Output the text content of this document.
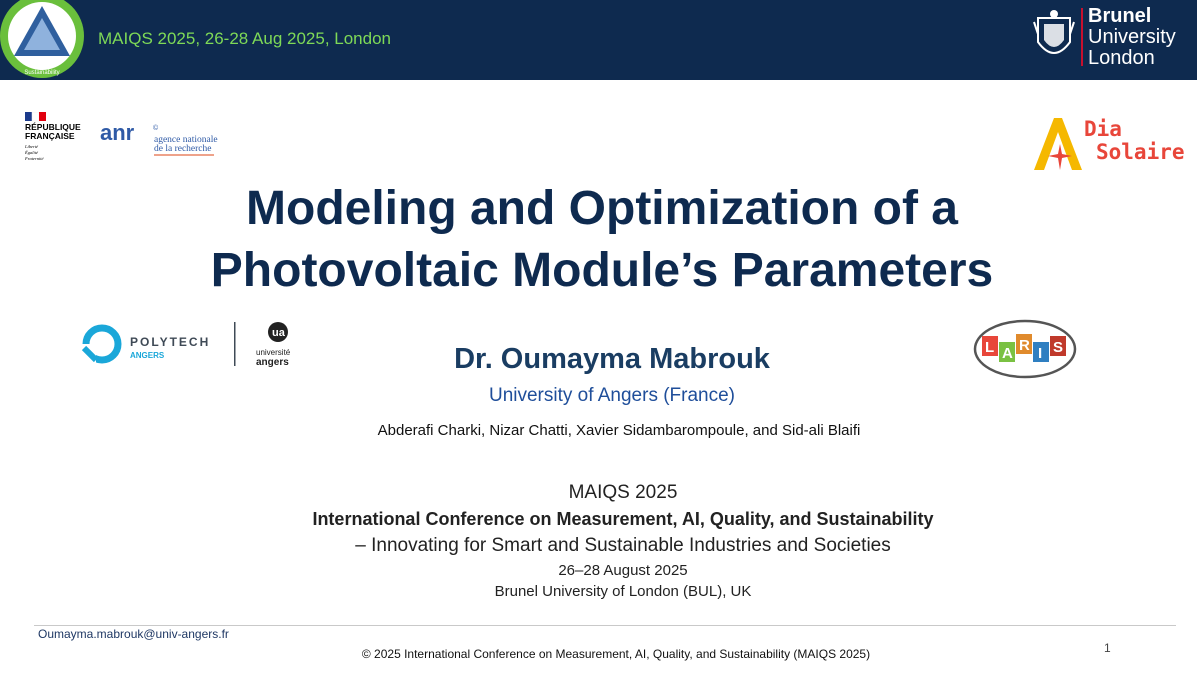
Sustainability
MAIQS 2025, 26-28 Aug 2025, London
Brunel
University
London
RÉPUBLIQUE
FRANÇAISE
Liberté
Égalité
Fraternité
anr	©
agence nationale
de la recherche
Dia
Solaire
Modeling and Optimization of a
Photovoltaic Module’s Parameters
POLYTECH
ANGERS
ua
université
angers
L A R I S
Dr. Oumayma Mabrouk
University of Angers (France)
Abderafi Charki, Nizar Chatti, Xavier Sidambarompoule, and Sid-ali Blaifi
MAIQS 2025
International Conference on Measurement, AI, Quality, and Sustainability
– Innovating for Smart and Sustainable Industries and Societies
26–28 August 2025
Brunel University of London (BUL), UK
Oumayma.mabrouk@univ-angers.fr
© 2025 International Conference on Measurement, AI, Quality, and Sustainability (MAIQS 2025)	1
